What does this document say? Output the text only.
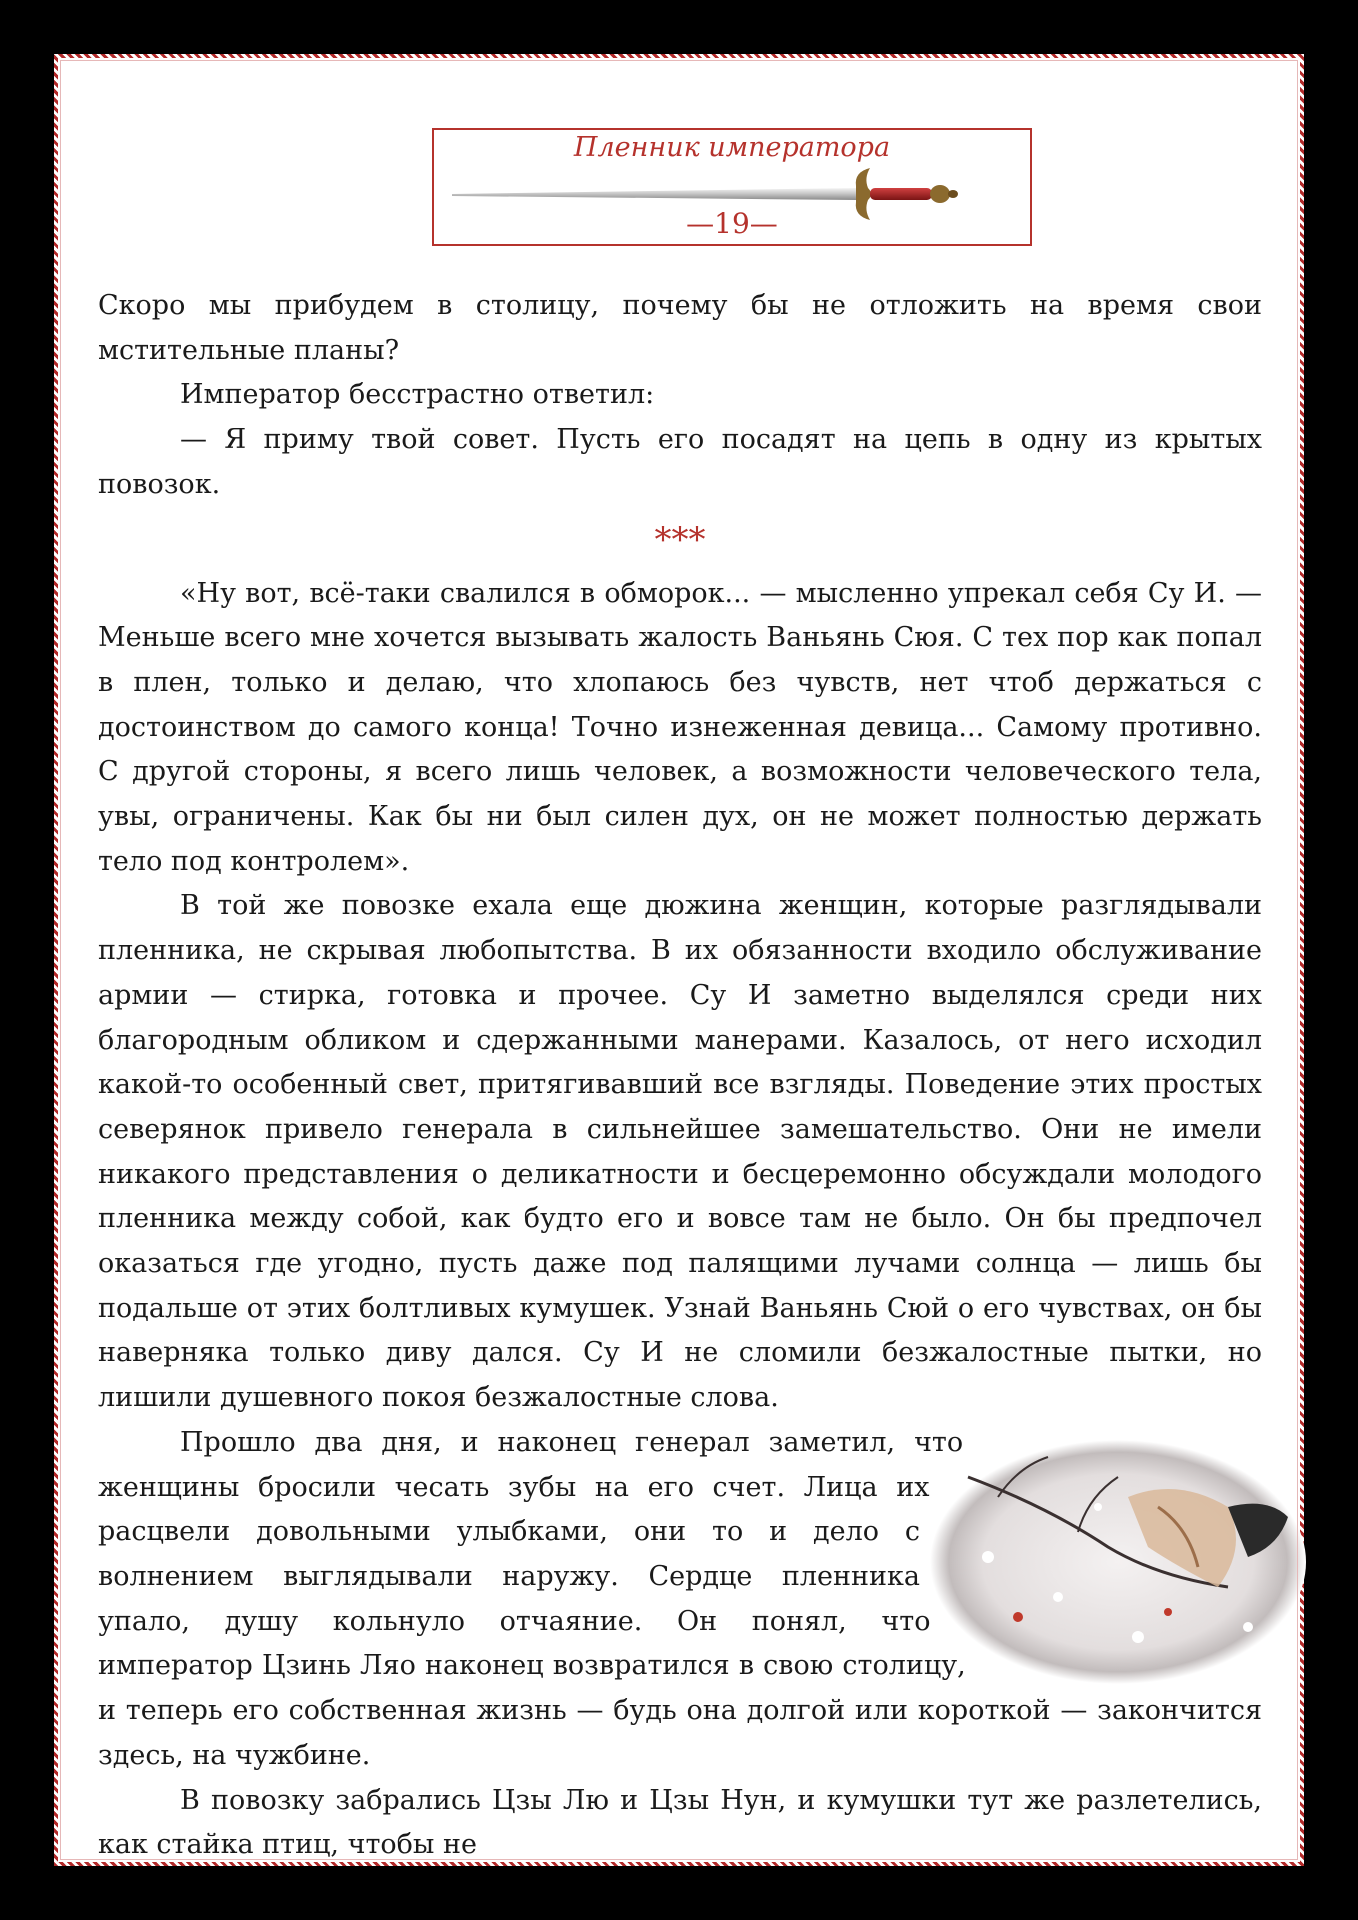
Пленник императора
—19—

Скоро мы прибудем в столицу, почему бы не отложить на время свои мстительные планы?

Император бесстрастно ответил:

— Я приму твой совет. Пусть его посадят на цепь в одну из крытых повозок.

***

«Ну вот, всё-таки свалился в обморок... — мысленно упрекал себя Су И. — Меньше всего мне хочется вызывать жалость Ваньянь Сюя. С тех пор как попал в плен, только и делаю, что хлопаюсь без чувств, нет чтоб держаться с достоинством до самого конца! Точно изнеженная девица... Самому противно. С другой стороны, я всего лишь человек, а возможности человеческого тела, увы, ограничены. Как бы ни был силен дух, он не может полностью держать тело под контролем».

В той же повозке ехала еще дюжина женщин, которые разглядывали пленника, не скрывая любопытства. В их обязанности входило обслуживание армии — стирка, готовка и прочее. Су И заметно выделялся среди них благородным обликом и сдержанными манерами. Казалось, от него исходил какой-то особенный свет, притягивавший все взгляды. Поведение этих простых северянок привело генерала в сильнейшее замешательство. Они не имели никакого представления о деликатности и бесцеремонно обсуждали молодого пленника между собой, как будто его и вовсе там не было. Он бы предпочел оказаться где угодно, пусть даже под палящими лучами солнца — лишь бы подальше от этих болтливых кумушек. Узнай Ваньянь Сюй о его чувствах, он бы наверняка только диву дался. Су И не сломили безжалостные пытки, но лишили душевного покоя безжалостные слова.

Прошло два дня, и наконец генерал заметил, что женщины бросили чесать зубы на его счет. Лица их расцвели довольными улыбками, они то и дело с волнением выглядывали наружу. Сердце пленника упало, душу кольнуло отчаяние. Он понял, что император Цзинь Ляо наконец возвратился в свою столицу, и теперь его собственная жизнь — будь она долгой или короткой — закончится здесь, на чужбине.

В повозку забрались Цзы Лю и Цзы Нун, и кумушки тут же разлетелись, как стайка птиц, чтобы не
